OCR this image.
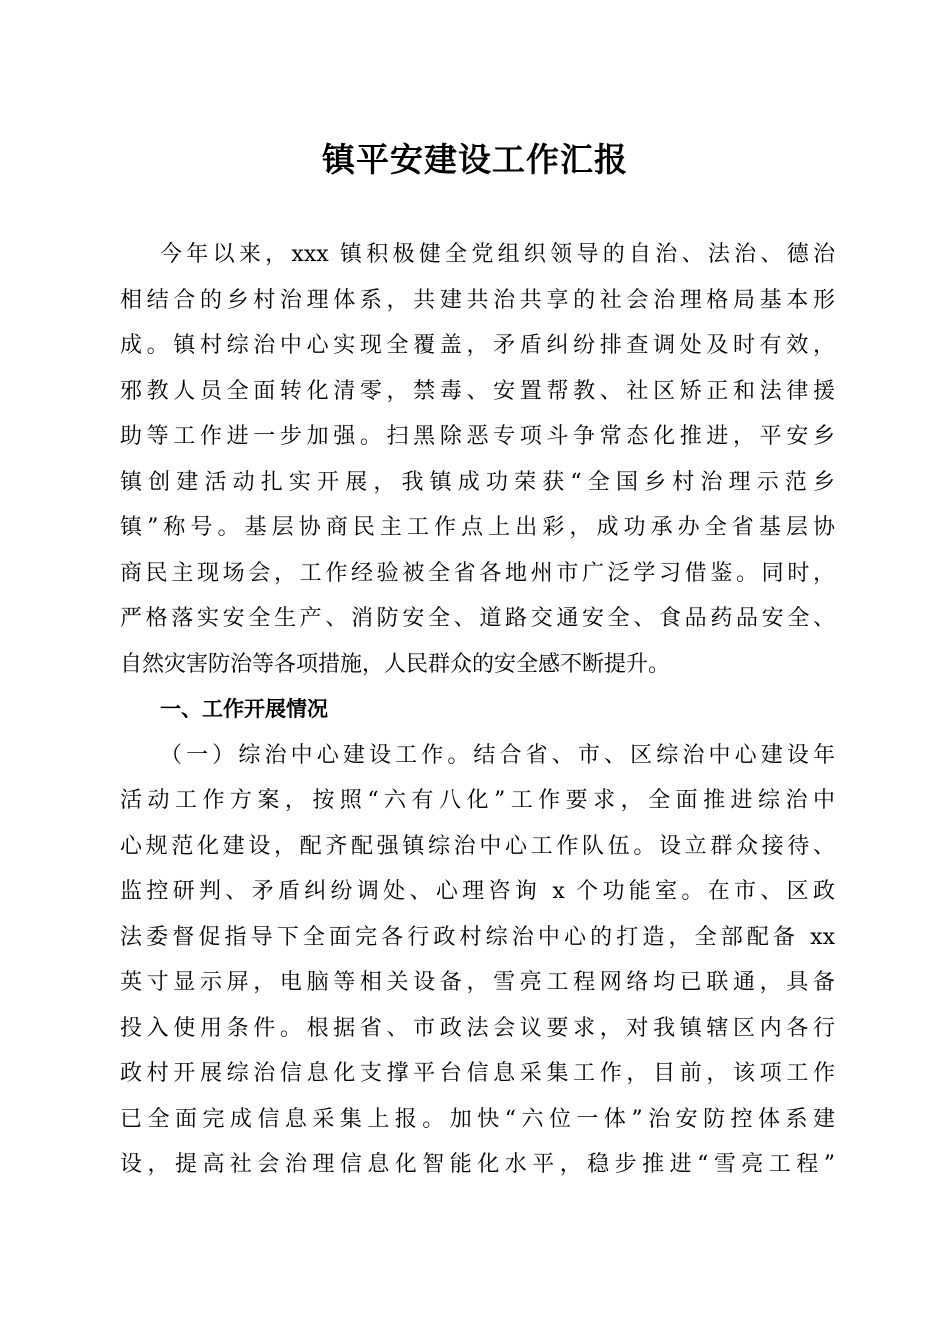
镇平安建设工作汇报
今年以来，xxx 镇积极健全党组织领导的自治、法治、德治
相结合的乡村治理体系，共建共治共享的社会治理格局基本形
成。镇村综治中心实现全覆盖，矛盾纠纷排查调处及时有效，
邪教人员全面转化清零，禁毒、安置帮教、社区矫正和法律援
助等工作进一步加强。扫黑除恶专项斗争常态化推进，平安乡
镇创建活动扎实开展，我镇成功荣获“全国乡村治理示范乡
镇”称号。基层协商民主工作点上出彩，成功承办全省基层协
商民主现场会，工作经验被全省各地州市广泛学习借鉴。同时，
严格落实安全生产、消防安全、道路交通安全、食品药品安全、
自然灾害防治等各项措施，人民群众的安全感不断提升。
一、工作开展情况
（一）综治中心建设工作。结合省、市、区综治中心建设年
活动工作方案，按照“六有八化”工作要求，全面推进综治中
心规范化建设，配齐配强镇综治中心工作队伍。设立群众接待、
监控研判、矛盾纠纷调处、心理咨询 x 个功能室。在市、区政
法委督促指导下全面完各行政村综治中心的打造，全部配备 xx
英寸显示屏，电脑等相关设备，雪亮工程网络均已联通，具备
投入使用条件。根据省、市政法会议要求，对我镇辖区内各行
政村开展综治信息化支撑平台信息采集工作，目前，该项工作
已全面完成信息采集上报。加快“六位一体”治安防控体系建
设，提高社会治理信息化智能化水平，稳步推进“雪亮工程”
